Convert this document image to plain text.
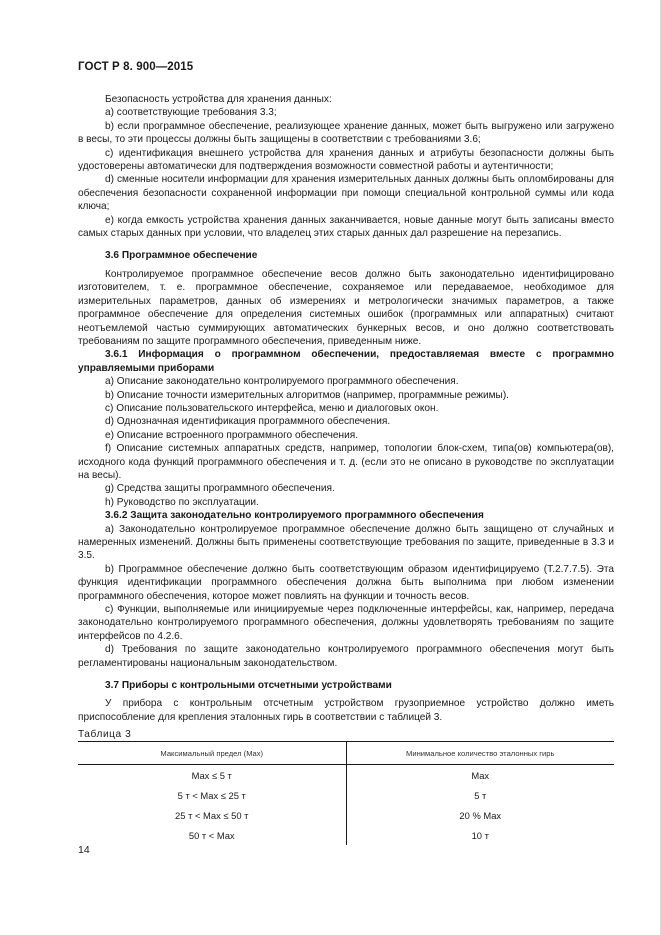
ГОСТ Р 8. 900—2015

Безопасность устройства для хранения данных:

а) соответствующие требования 3.3;

b) если программное обеспечение, реализующее хранение данных, может быть выгружено или загружено в весы, то эти процессы должны быть защищены в соответствии с требованиями 3.6;

c) идентификация внешнего устройства для хранения данных и атрибуты безопасности должны быть удостоверены автоматически для подтверждения возможности совместной работы и аутентичности;

d) сменные носители информации для хранения измерительных данных должны быть опломбированы для обеспечения безопасности сохраненной информации при помощи специальной контрольной суммы или кода ключа;

e) когда емкость устройства хранения данных заканчивается, новые данные могут быть записаны вместо самых старых данных при условии, что владелец этих старых данных дал разрешение на перезапись.

3.6 Программное обеспечение

Контролируемое программное обеспечение весов должно быть законодательно идентифицировано изготовителем, т. е. программное обеспечение, сохраняемое или передаваемое, необходимое для измерительных параметров, данных об измерениях и метрологически значимых параметров, а также программное обеспечение для определения системных ошибок (программных или аппаратных) считают неотъемлемой частью суммирующих автоматических бункерных весов, и оно должно соответствовать требованиям по защите программного обеспечения, приведенным ниже.

3.6.1 Информация о программном обеспечении, предоставляемая вместе с программно управляемыми приборами

a) Описание законодательно контролируемого программного обеспечения.

b) Описание точности измерительных алгоритмов (например, программные режимы).

c) Описание пользовательского интерфейса, меню и диалоговых окон.

d) Однозначная идентификация программного обеспечения.

e) Описание встроенного программного обеспечения.

f) Описание системных аппаратных средств, например, топологии блок-схем, типа(ов) компьютера(ов), исходного кода функций программного обеспечения и т. д. (если это не описано в руководстве по эксплуатации на весы).

g) Средства защиты программного обеспечения.

h) Руководство по эксплуатации.

3.6.2 Защита законодательно контролируемого программного обеспечения

a) Законодательно контролируемое программное обеспечение должно быть защищено от случайных и намеренных изменений. Должны быть применены соответствующие требования по защите, приведенные в 3.3 и 3.5.

b) Программное обеспечение должно быть соответствующим образом идентифицируемо (Т.2.7.7.5). Эта функция идентификации программного обеспечения должна быть выполнима при любом изменении программного обеспечения, которое может повлиять на функции и точность весов.

c) Функции, выполняемые или инициируемые через подключенные интерфейсы, как, например, передача законодательно контролируемого программного обеспечения, должны удовлетворять требованиям по защите интерфейсов по 4.2.6.

d) Требования по защите законодательно контролируемого программного обеспечения могут быть регламентированы национальным законодательством.

3.7 Приборы с контрольными отсчетными устройствами

У прибора с контрольным отсчетным устройством грузоприемное устройство должно иметь приспособление для крепления эталонных гирь в соответствии с таблицей 3.

Таблица 3
Максимальный предел (Max)	Минимальное количество эталонных гирь
Max ≤ 5 т	Max
5 т < Max ≤ 25 т	5 т
25 т < Max ≤ 50 т	20 % Max
50 т < Max	10 т
14
